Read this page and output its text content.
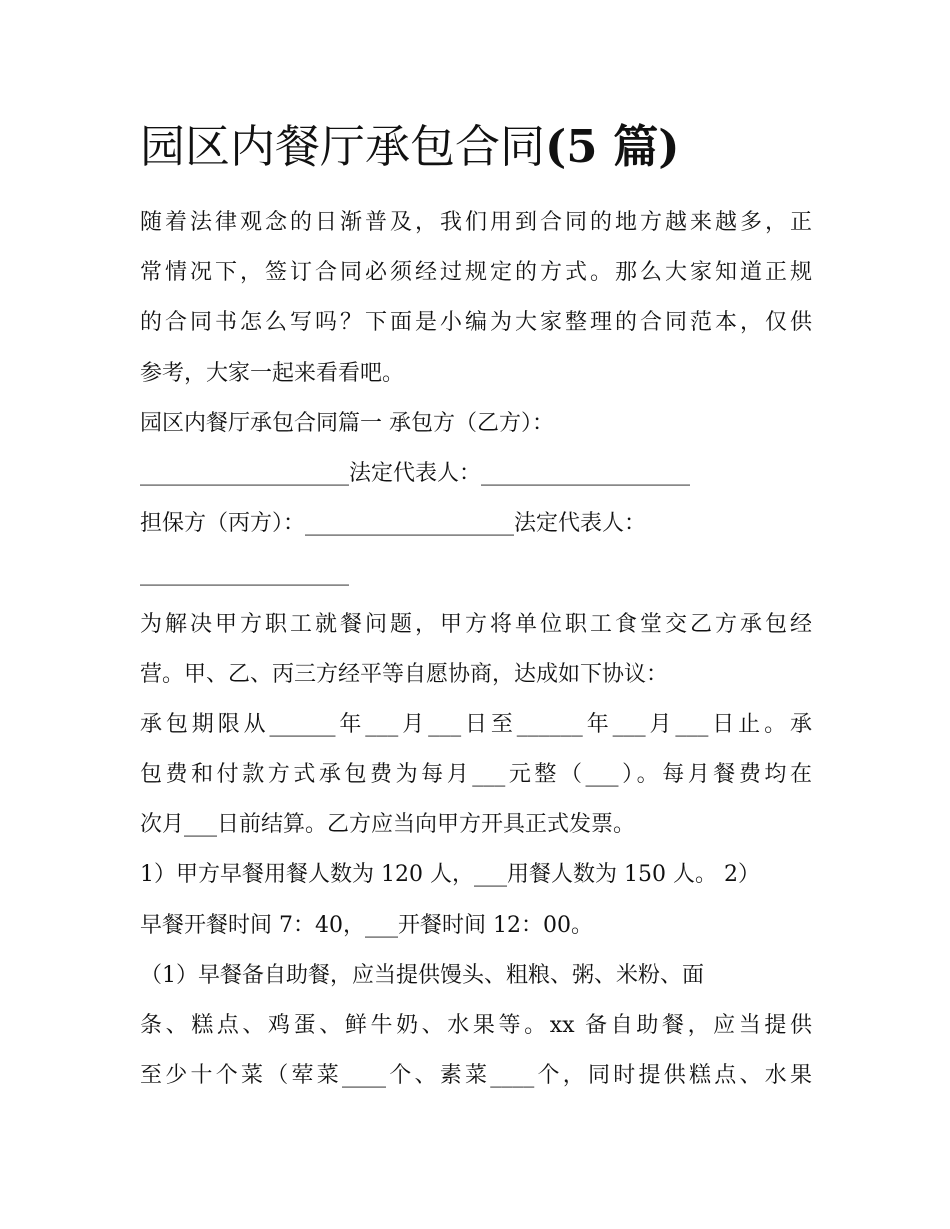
园区内餐厅承包合同(5 篇)
随着法律观念的日渐普及，我们用到合同的地方越来越多，正
常情况下，签订合同必须经过规定的方式。那么大家知道正规
的合同书怎么写吗？下面是小编为大家整理的合同范本，仅供
参考，大家一起来看看吧。
园区内餐厅承包合同篇一 承包方（乙方）：
___________________法定代表人：___________________
担保方（丙方）：___________________法定代表人：
___________________
为解决甲方职工就餐问题，甲方将单位职工食堂交乙方承包经
营。甲、乙、丙三方经平等自愿协商，达成如下协议：
承包期限从______年___月___日至______年___月___日止。承
包费和付款方式承包费为每月___元整（___）。每月餐费均在
次月___日前结算。乙方应当向甲方开具正式发票。
1）甲方早餐用餐人数为 120 人，___用餐人数为 150 人。 2）
早餐开餐时间 7：40，___开餐时间 12：00。
（1）早餐备自助餐，应当提供馒头、粗粮、粥、米粉、面
条、糕点、鸡蛋、鲜牛奶、水果等。xx 备自助餐，应当提供
至少十个菜（荤菜____个、素菜____个，同时提供糕点、水果
